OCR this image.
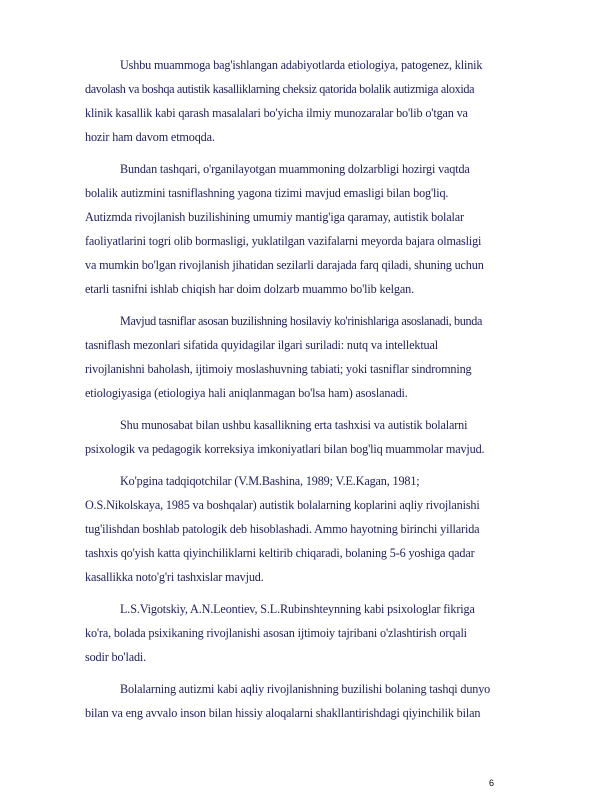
Ushbu muammoga bag'ishlangan adabiyotlarda etiologiya, patogenez, klinik
davolash va boshqa autistik kasalliklarning cheksiz qatorida bolalik autizmiga aloxida
klinik kasallik kabi qarash masalalari bo'yicha ilmiy munozaralar bo'lib o'tgan va
hozir ham davom etmoqda.
Bundan tashqari, o'rganilayotgan muammoning dolzarbligi hozirgi vaqtda
bolalik autizmini tasniflashning yagona tizimi mavjud emasligi bilan bog'liq.
Autizmda rivojlanish buzilishining umumiy mantig'iga qaramay, autistik bolalar
faoliyatlarini togri olib bormasligi, yuklatilgan vazifalarni meyorda bajara olmasligi
va mumkin bo'lgan rivojlanish jihatidan sezilarli darajada farq qiladi, shuning uchun
etarli tasnifni ishlab chiqish har doim dolzarb muammo bo'lib kelgan.
Mavjud tasniflar asosan buzilishning hosilaviy ko'rinishlariga asoslanadi, bunda
tasniflash mezonlari sifatida quyidagilar ilgari suriladi: nutq va intellektual
rivojlanishni baholash, ijtimoiy moslashuvning tabiati; yoki tasniflar sindromning
etiologiyasiga (etiologiya hali aniqlanmagan bo'lsa ham) asoslanadi.
Shu munosabat bilan ushbu kasallikning erta tashxisi va autistik bolalarni
psixologik va pedagogik korreksiya imkoniyatlari bilan bog'liq muammolar mavjud.
Ko'pgina tadqiqotchilar (V.M.Bashina, 1989; V.E.Kagan, 1981;
O.S.Nikolskaya, 1985 va boshqalar) autistik bolalarning koplarini aqliy rivojlanishi
tug'ilishdan boshlab patologik deb hisoblashadi. Ammo hayotning birinchi yillarida
tashxis qo'yish katta qiyinchiliklarni keltirib chiqaradi, bolaning 5-6 yoshiga qadar
kasallikka noto'g'ri tashxislar mavjud.
L.S.Vigotskiy, A.N.Leontiev, S.L.Rubinshteynning kabi psixologlar fikriga
ko'ra, bolada psixikaning rivojlanishi asosan ijtimoiy tajribani o'zlashtirish orqali
sodir bo'ladi.
Bolalarning autizmi kabi aqliy rivojlanishning buzilishi bolaning tashqi dunyo
bilan va eng avvalo inson bilan hissiy aloqalarni shakllantirishdagi qiyinchilik bilan
6
